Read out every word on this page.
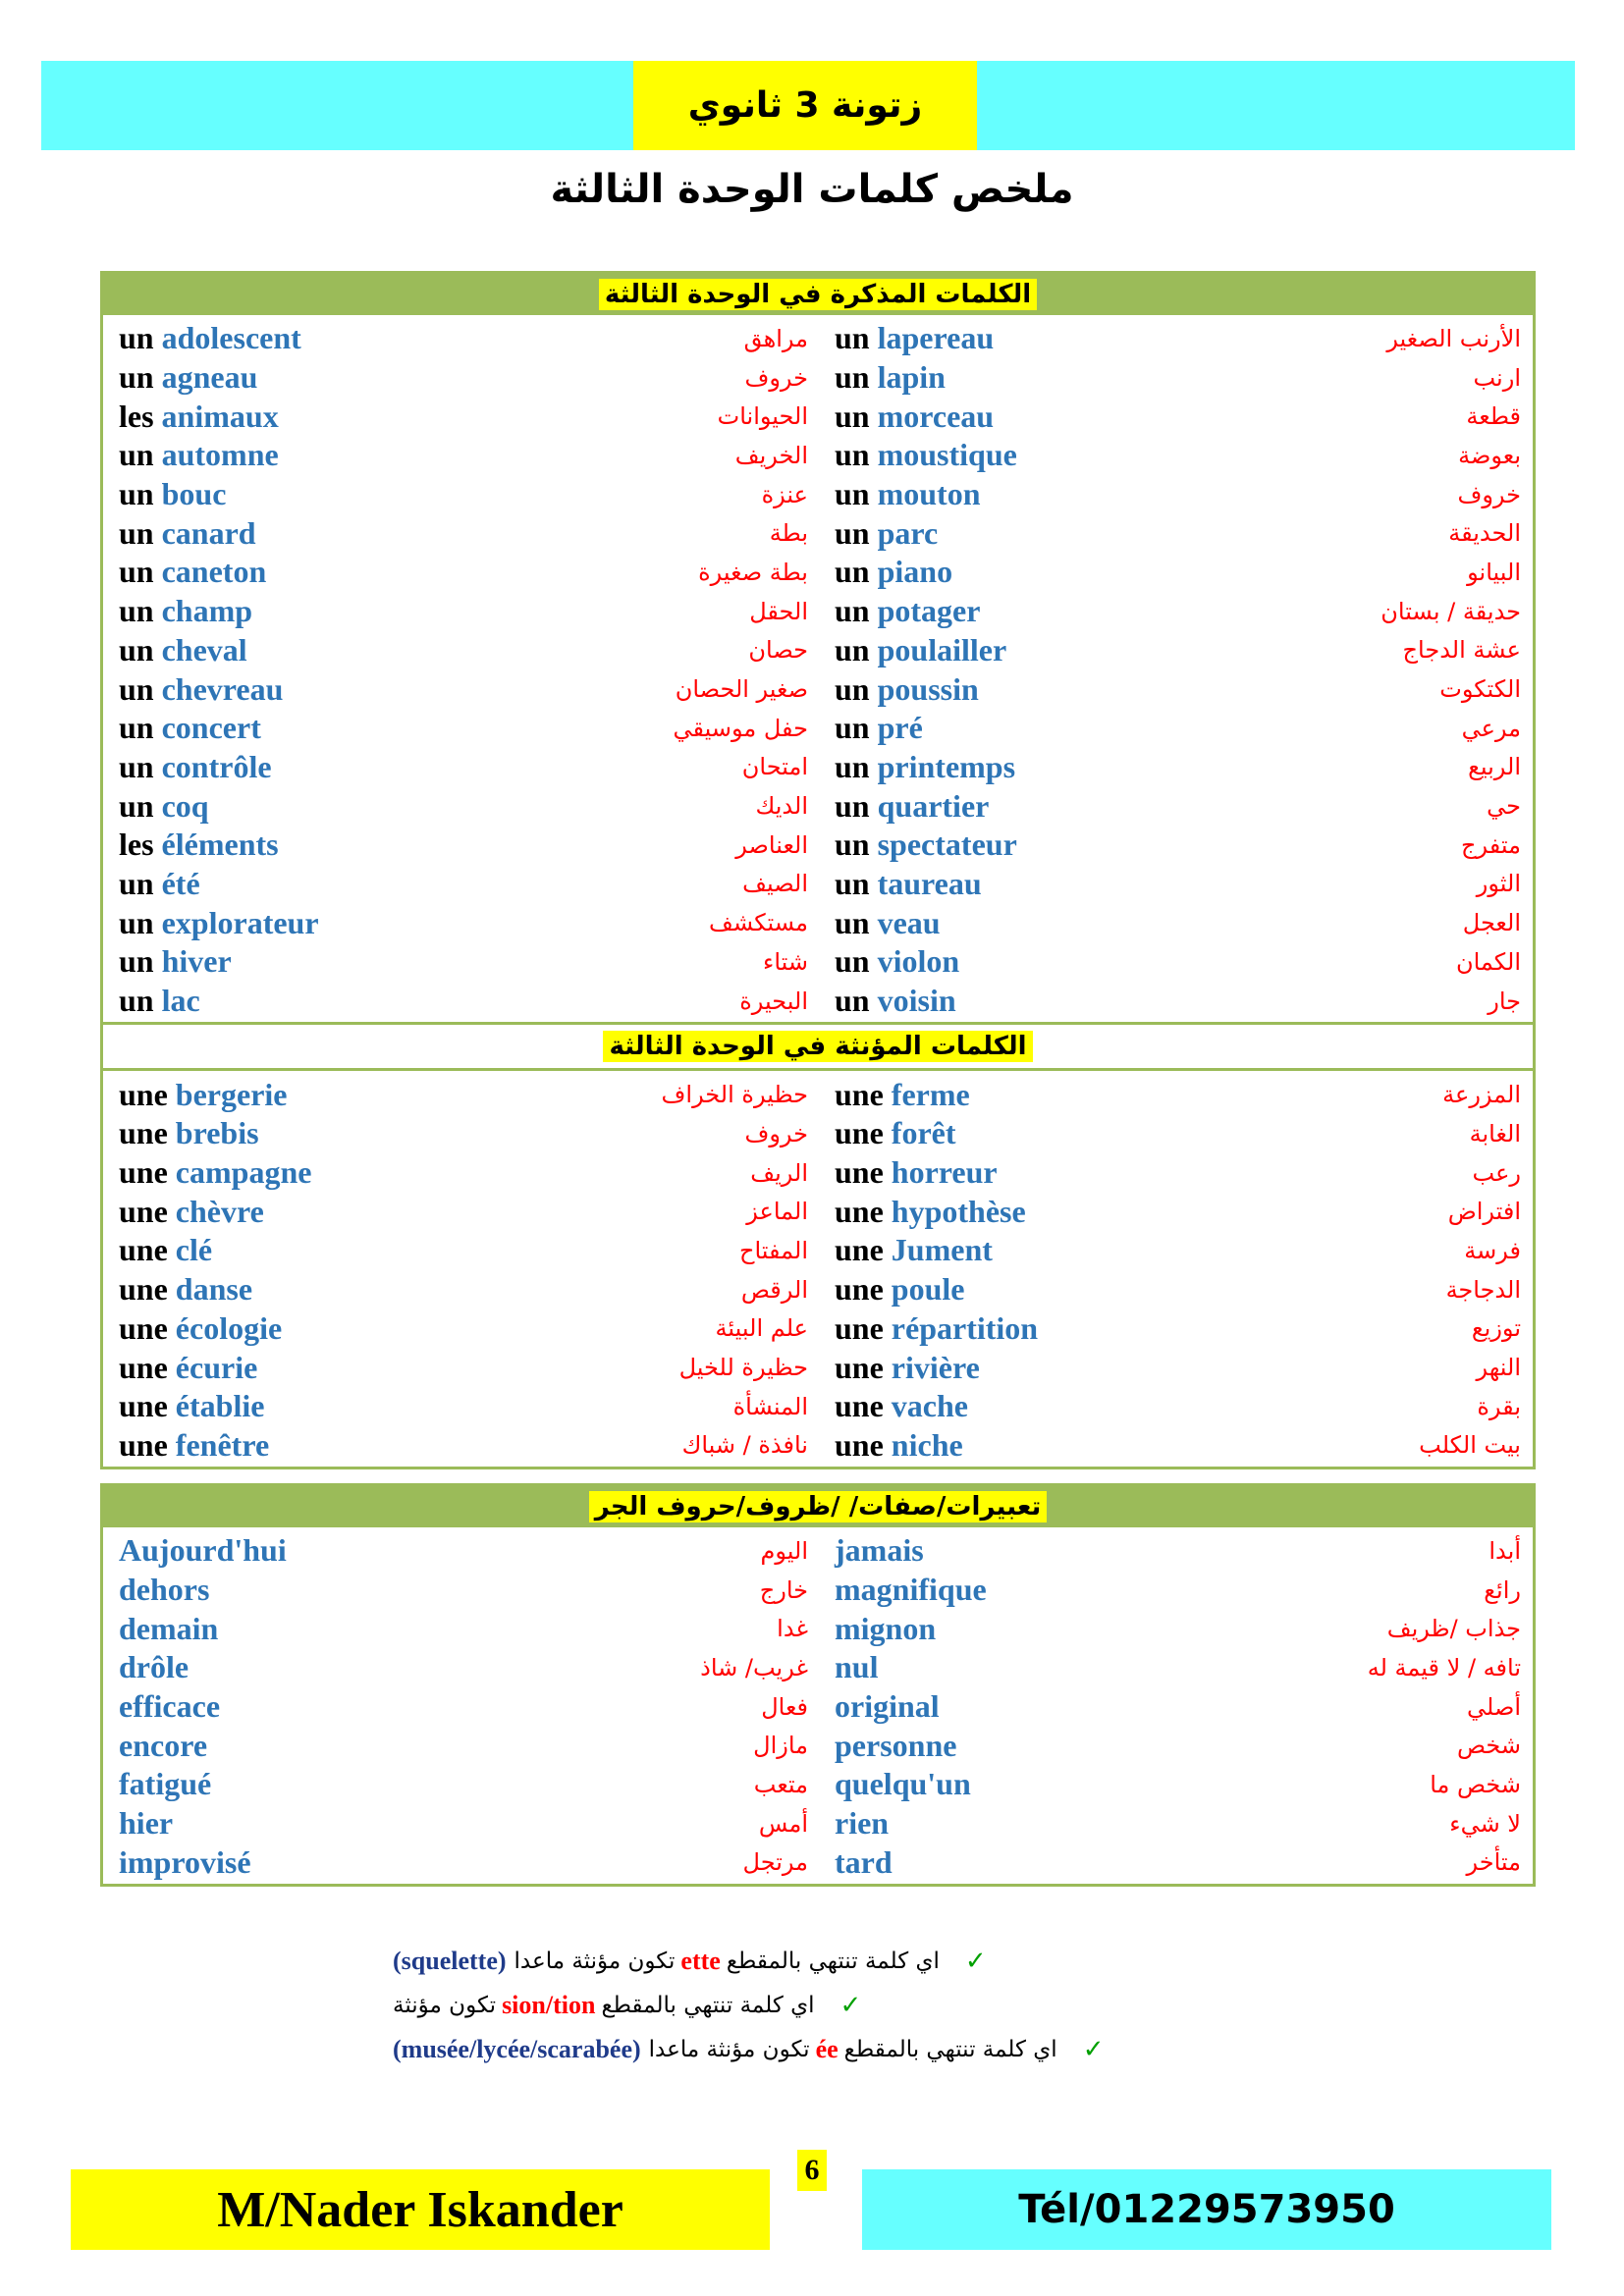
زتونة 3 ثانوي
ملخص كلمات الوحدة الثالثة
الكلمات المذكرة في الوحدة الثالثة
un adolescent	مراهق un lapereau	الأرنب الصغير
un agneau	خروف un lapin	ارنب
les animaux	الحيوانات un morceau	قطعة
un automne	الخريف un moustique	بعوضة
un bouc	عنزة un mouton	خروف
un canard	بطة un parc	الحديقة
un caneton	بطة صغيرة un piano	البيانو
un champ	الحقل un potager	حديقة / بستان
un cheval	حصان un poulailler	عشة الدجاج
un chevreau	صغير الحصان un poussin	الكتكوت
un concert	حفل موسيقي un pré	مرعي
un contrôle	امتحان un printemps	الربيع
un coq	الديك un quartier	حي
les éléments	العناصر un spectateur	متفرج
un été	الصيف un taureau	الثور
un explorateur	مستكشف un veau	العجل
un hiver	شتاء un violon	الكمان
un lac	البحيرة un voisin	جار
الكلمات المؤنثة في الوحدة الثالثة
une bergerie	حظيرة الخراف une ferme	المزرعة
une brebis	خروف une forêt	الغابة
une campagne	الريف une horreur	رعب
une chèvre	الماعز une hypothèse	افتراض
une clé	المفتاح une Jument	فرسة
une danse	الرقص une poule	الدجاجة
une écologie	علم البيئة une répartition	توزيع
une écurie	حظيرة للخيل une rivière	النهر
une établie	المنشأة une vache	بقرة
une fenêtre	نافذة / شباك une niche	بيت الكلب
تعبيرات/صفات/ /ظروف/حروف الجر
Aujourd'hui	اليوم jamais	أبدا
dehors	خارج magnifique	رائع
demain	غدا mignon	جذاب /ظريف
drôle	غريب/ شاذ nul	تافه / لا قيمة له
efficace	فعال original	أصلي
encore	مازال personne	شخص
fatigué	متعب quelqu'un	شخص ما
hier	أمس rien	لا شيء
improvisé	مرتجل tard	متأخر
✓
اي كلمة تنتهي بالمقطع
ette
تكون مؤنثة ماعدا
(squelette)
✓
اي كلمة تنتهي بالمقطع
sion/tion
تكون مؤنثة
✓
اي كلمة تنتهي بالمقطع
ée
تكون مؤنثة ماعدا
(musée/lycée/scarabée)
6
M/Nader Iskander	Tél/01229573950
